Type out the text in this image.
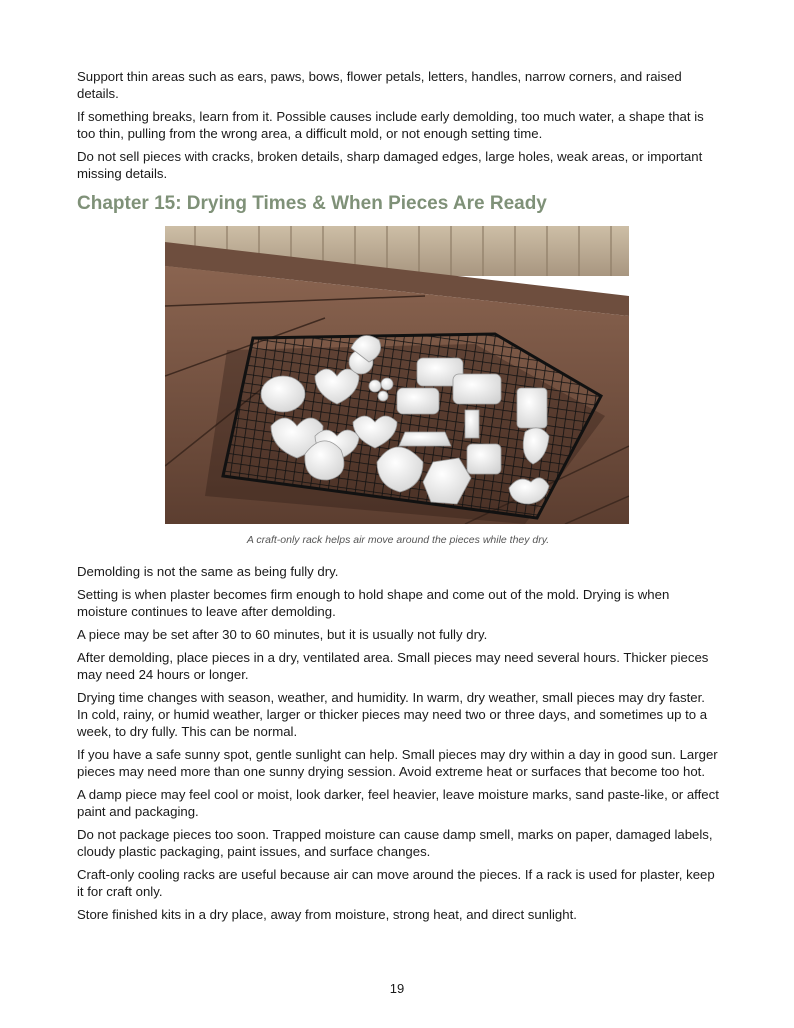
Support thin areas such as ears, paws, bows, flower petals, letters, handles, narrow corners, and raised details.

If something breaks, learn from it. Possible causes include early demolding, too much water, a shape that is too thin, pulling from the wrong area, a difficult mold, or not enough setting time.

Do not sell pieces with cracks, broken details, sharp damaged edges, large holes, weak areas, or important missing details.

Chapter 15: Drying Times & When Pieces Are Ready
A craft-only rack helps air move around the pieces while they dry.

Demolding is not the same as being fully dry.

Setting is when plaster becomes firm enough to hold shape and come out of the mold. Drying is when moisture continues to leave after demolding.

A piece may be set after 30 to 60 minutes, but it is usually not fully dry.

After demolding, place pieces in a dry, ventilated area. Small pieces may need several hours. Thicker pieces may need 24 hours or longer.

Drying time changes with season, weather, and humidity. In warm, dry weather, small pieces may dry faster. In cold, rainy, or humid weather, larger or thicker pieces may need two or three days, and sometimes up to a week, to dry fully. This can be normal.

If you have a safe sunny spot, gentle sunlight can help. Small pieces may dry within a day in good sun. Larger pieces may need more than one sunny drying session. Avoid extreme heat or surfaces that become too hot.

A damp piece may feel cool or moist, look darker, feel heavier, leave moisture marks, sand paste-like, or affect paint and packaging.

Do not package pieces too soon. Trapped moisture can cause damp smell, marks on paper, damaged labels, cloudy plastic packaging, paint issues, and surface changes.

Craft-only cooling racks are useful because air can move around the pieces. If a rack is used for plaster, keep it for craft only.

Store finished kits in a dry place, away from moisture, strong heat, and direct sunlight.

19
